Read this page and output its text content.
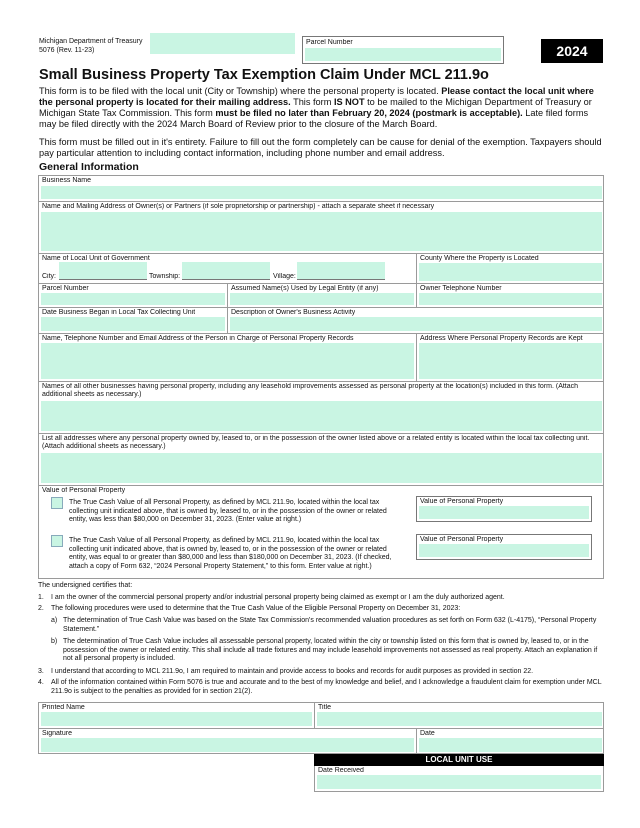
Michigan Department of Treasury
5076 (Rev. 11-23)
Parcel Number
2024
Small Business Property Tax Exemption Claim Under MCL 211.9o
This form is to be filed with the local unit (City or Township) where the personal property is located. Please contact the local unit where the personal property is located for their mailing address. This form IS NOT to be mailed to the Michigan Department of Treasury or Michigan State Tax Commission. This form must be filed no later than February 20, 2024 (postmark is acceptable). Late filed forms may be filed directly with the 2024 March Board of Review prior to the closure of the March Board.
This form must be filled out in it's entirety. Failure to fill out the form completely can be cause for denial of the exemption. Taxpayers should pay particular attention to including contact information, including phone number and email address.
General Information
Business Name
Name and Mailing Address of Owner(s) or Partners (if sole proprietorship or partnership) - attach a separate sheet if necessary
Name of Local Unit of Government
City:	Township:	Village:
County Where the Property is Located
Parcel Number	Assumed Name(s) Used by Legal Entity (if any)	Owner Telephone Number
Date Business Began in Local Tax Collecting Unit	Description of Owner's Business Activity
Name, Telephone Number and Email Address of the Person in Charge of Personal Property Records	Address Where Personal Property Records are Kept
Names of all other businesses having personal property, including any leasehold improvements assessed as personal property at the location(s) included in this form. (Attach additional sheets as necessary.)
List all addresses where any personal property owned by, leased to, or in the possession of the owner listed above or a related entity is located within the local tax collecting unit. (Attach additional sheets as necessary.)
Value of Personal Property
The True Cash Value of all Personal Property, as defined by MCL 211.9o, located within the local tax collecting unit indicated above, that is owned by, leased to, or in the possession of the owner or related entity, was less than $80,000 on December 31, 2023. (Enter value at right.)
Value of Personal Property
The True Cash Value of all Personal Property, as defined by MCL 211.9o, located within the local tax collecting unit indicated above, that is owned by, leased to, or in the possession of the owner or related entity, was equal to or greater than $80,000 and less than $180,000 on December 31, 2023. (If checked, attach a copy of Form 632, “2024 Personal Property Statement,” to this form. Enter value at right.)
Value of Personal Property
The undersigned certifies that:
1. I am the owner of the commercial personal property and/or industrial personal property being claimed as exempt or I am the duly authorized agent.
2. The following procedures were used to determine that the True Cash Value of the Eligible Personal Property on December 31, 2023:
a) The determination of True Cash Value was based on the State Tax Commission's recommended valuation procedures as set forth on Form 632 (L-4175), “Personal Property Statement.”
b) The determination of True Cash Value includes all assessable personal property, located within the city or township listed on this form that is owned by, leased to, or in the possession of the owner or related entity. This shall include all trade fixtures and may include leasehold improvements not assessed as real property. Attach an explanation if not all personal property is included.
3. I understand that according to MCL 211.9o, I am required to maintain and provide access to books and records for audit purposes as provided in section 22.
4. All of the information contained within Form 5076 is true and accurate and to the best of my knowledge and belief, and I acknowledge a fraudulent claim for exemption under MCL 211.9o is subject to the penalties as provided for in section 21(2).
Printed Name	Title
Signature	Date
LOCAL UNIT USE
Date Received
